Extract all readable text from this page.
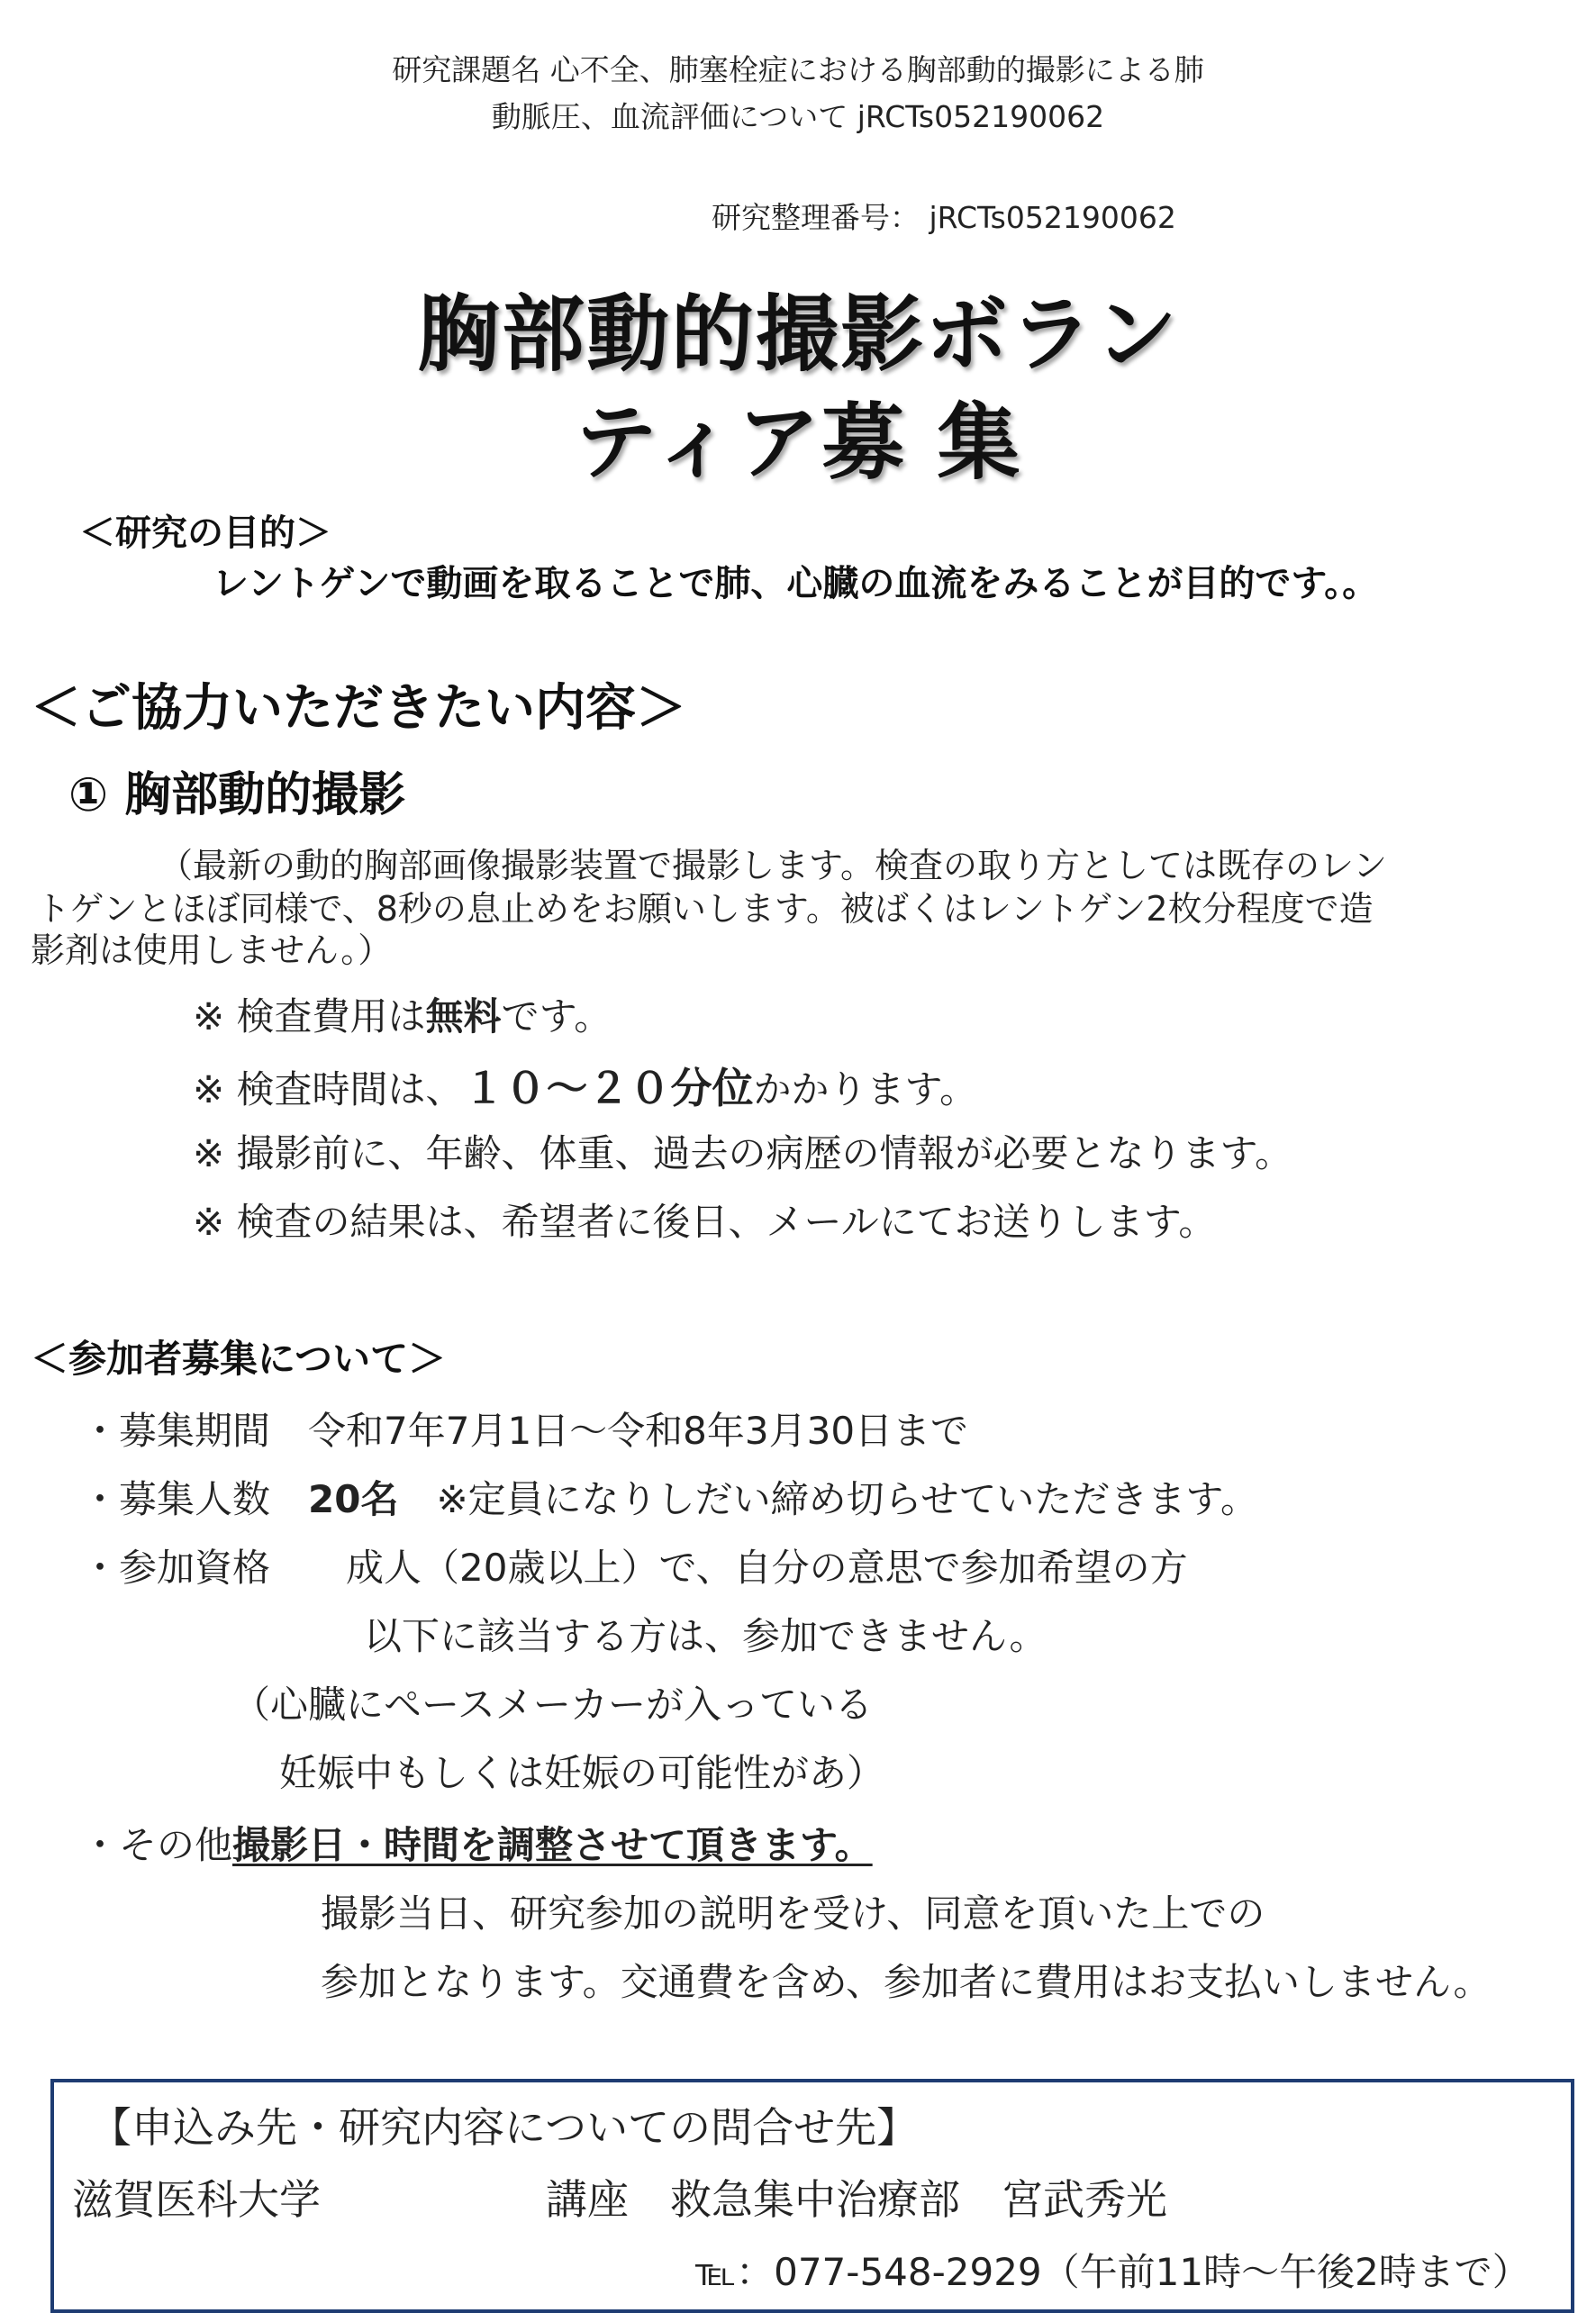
研究課題名 心不全、肺塞栓症における胸部動的撮影による肺
動脈圧、血流評価について jRCTs052190062
研究整理番号： jRCTs052190062
胸部動的撮影ボラン
ティア募 集
＜研究の目的＞
レントゲンで動画を取ることで肺、心臓の血流をみることが目的です。。
＜ご協力いただきたい内容＞
① 胸部動的撮影
（最新の動的胸部画像撮影装置で撮影します。検査の取り方としては既存のレン
トゲンとほぼ同様で、8秒の息止めをお願いします。被ばくはレントゲン2枚分程度で造
影剤は使用しません。）
※ 検査費用は無料です。
※ 検査時間は、１０～２０分位かかります。
※ 撮影前に、年齢、体重、過去の病歴の情報が必要となります。
※ 検査の結果は、希望者に後日、メールにてお送りします。
＜参加者募集について＞
・募集期間　令和7年7月1日～令和8年3月30日まで
・募集人数　20名　※定員になりしだい締め切らせていただきます。
・参加資格　　成人（20歳以上）で、自分の意思で参加希望の方
以下に該当する方は、参加できません。
（心臓にペースメーカーが入っている
妊娠中もしくは妊娠の可能性があ）
・その他撮影日・時間を調整させて頂きます。
撮影当日、研究参加の説明を受け、同意を頂いた上での
参加となります。交通費を含め、参加者に費用はお支払いしません。
【申込み先・研究内容についての問合せ先】
滋賀医科大学	講座　救急集中治療部　宮武秀光
℡：077-548-2929（午前11時～午後2時まで）
